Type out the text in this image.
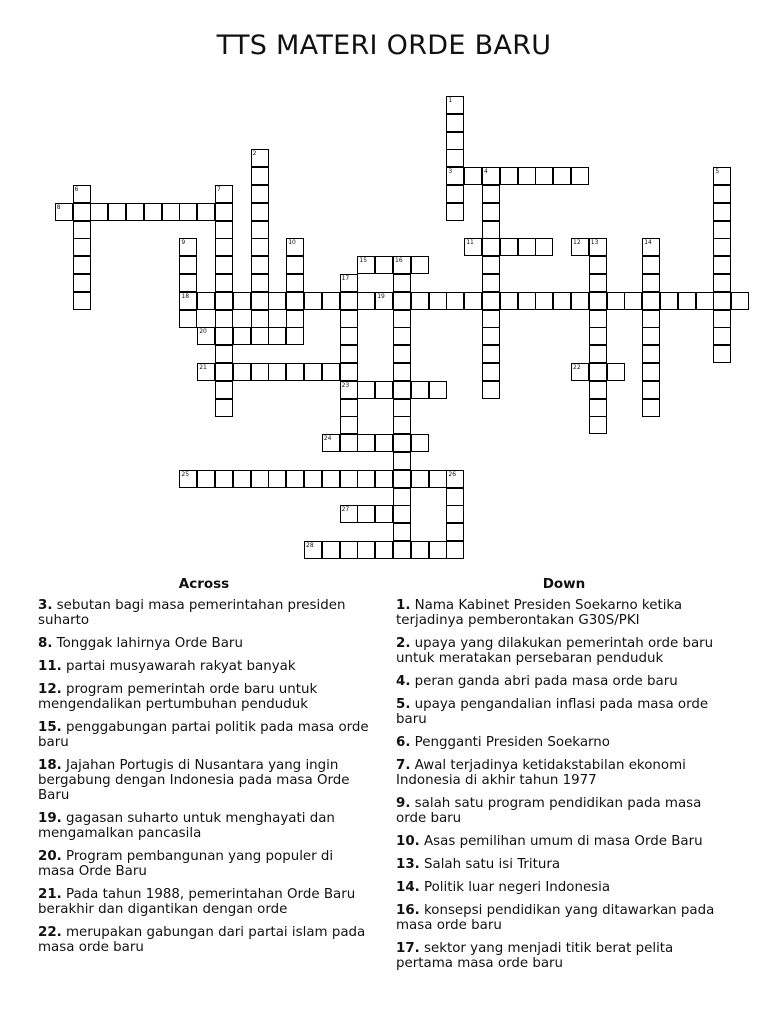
TTS MATERI ORDE BARU
1
3
2
4	5
6	7
8
9
18
10	11	12 13	14
15	16
17
23
19
20
21	22
24
25	26
27
28
Across
3. sebutan bagi masa pemerintahan presiden suharto
8. Tonggak lahirnya Orde Baru
11. partai musyawarah rakyat banyak
12. program pemerintah orde baru untuk mengendalikan pertumbuhan penduduk
15. penggabungan partai politik pada masa orde baru
18. Jajahan Portugis di Nusantara yang ingin bergabung dengan Indonesia pada masa Orde Baru
19. gagasan suharto untuk menghayati dan mengamalkan pancasila
20. Program pembangunan yang populer di masa Orde Baru
21. Pada tahun 1988, pemerintahan Orde Baru berakhir dan digantikan dengan orde
22. merupakan gabungan dari partai islam pada masa orde baru
Down
1. Nama Kabinet Presiden Soekarno ketika terjadinya pemberontakan G30S/PKI
2. upaya yang dilakukan pemerintah orde baru untuk meratakan persebaran penduduk
4. peran ganda abri pada masa orde baru
5. upaya pengandalian inflasi pada masa orde baru
6. Pengganti Presiden Soekarno
7. Awal terjadinya ketidakstabilan ekonomi Indonesia di akhir tahun 1977
9. salah satu program pendidikan pada masa orde baru
10. Asas pemilihan umum di masa Orde Baru
13. Salah satu isi Tritura
14. Politik luar negeri Indonesia
16. konsepsi pendidikan yang ditawarkan pada masa orde baru
17. sektor yang menjadi titik berat pelita pertama masa orde baru
